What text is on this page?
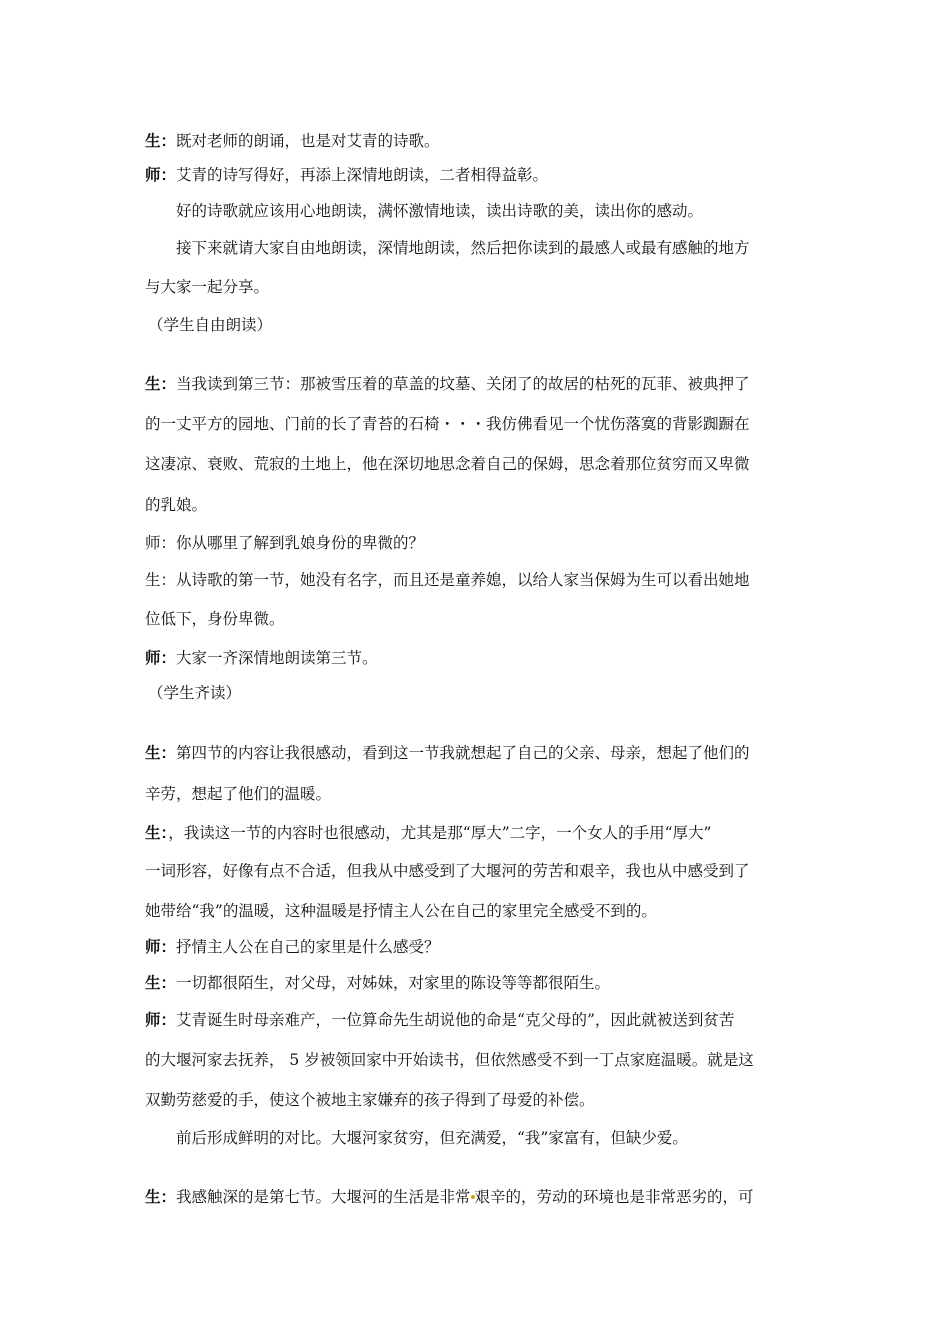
生：既对老师的朗诵，也是对艾青的诗歌。
师：艾青的诗写得好，再添上深情地朗读，二者相得益彰。
好的诗歌就应该用心地朗读，满怀激情地读，读出诗歌的美，读出你的感动。
接下来就请大家自由地朗读，深情地朗读，然后把你读到的最感人或最有感触的地方
与大家一起分享。
（学生自由朗读）
生：当我读到第三节：那被雪压着的草盖的坟墓、关闭了的故居的枯死的瓦菲、被典押了
的一丈平方的园地、门前的长了青苔的石椅・・・我仿佛看见一个忧伤落寞的背影踟蹰在
这凄凉、衰败、荒寂的土地上，他在深切地思念着自己的保姆，思念着那位贫穷而又卑微
的乳娘。
师：你从哪里了解到乳娘身份的卑微的？
生：从诗歌的第一节，她没有名字，而且还是童养媳，以给人家当保姆为生可以看出她地
位低下，身份卑微。
师：大家一齐深情地朗读第三节。
（学生齐读）
生：第四节的内容让我很感动，看到这一节我就想起了自己的父亲、母亲，想起了他们的
辛劳，想起了他们的温暖。
生：，我读这一节的内容时也很感动，尤其是那“厚大”二字，一个女人的手用“厚大”
一词形容，好像有点不合适，但我从中感受到了大堰河的劳苦和艰辛，我也从中感受到了
她带给“我”的温暖，这种温暖是抒情主人公在自己的家里完全感受不到的。
师：抒情主人公在自己的家里是什么感受？
生：一切都很陌生，对父母，对姊妹，对家里的陈设等等都很陌生。
师：艾青诞生时母亲难产，一位算命先生胡说他的命是“克父母的”，因此就被送到贫苦
的大堰河家去抚养， 5 岁被领回家中开始读书，但依然感受不到一丁点家庭温暖。就是这
双勤劳慈爱的手，使这个被地主家嫌弃的孩子得到了母爱的补偿。
前后形成鲜明的对比。大堰河家贫穷，但充满爱，“我”家富有，但缺少爱。
生：我感触深的是第七节。大堰河的生活是非常 艰辛的，劳动的环境也是非常恶劣的，可
